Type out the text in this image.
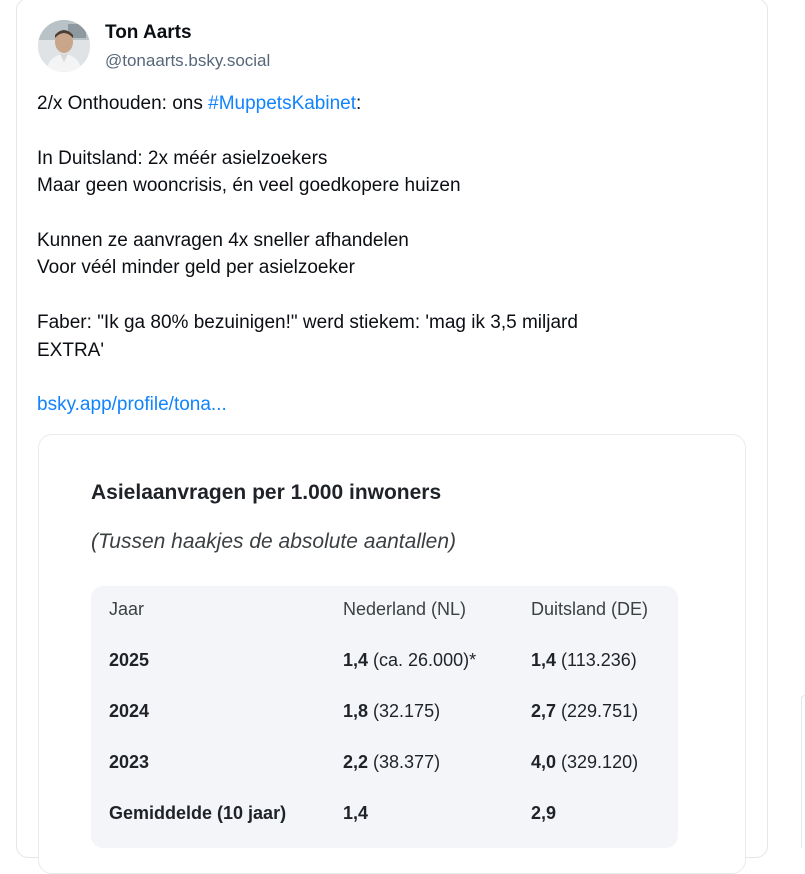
Ton Aarts
@tonaarts.bsky.social

2/x Onthouden: ons #MuppetsKabinet:

In Duitsland: 2x méér asielzoekers

Maar geen wooncrisis, én veel goedkopere huizen

Kunnen ze aanvragen 4x sneller afhandelen

Voor véél minder geld per asielzoeker

Faber: "Ik ga 80% bezuinigen!" werd stiekem: 'mag ik 3,5 miljard

EXTRA'

bsky.app/profile/tona...

Asielaanvragen per 1.000 inwoners
(Tussen haakjes de absolute aantallen)
Jaar	Nederland (NL)	Duitsland (DE)
2025	1,4 (ca. 26.000)*	1,4 (113.236)
2024	1,8 (32.175)	2,7 (229.751)
2023	2,2 (38.377)	4,0 (329.120)
Gemiddelde (10 jaar)	1,4	2,9
